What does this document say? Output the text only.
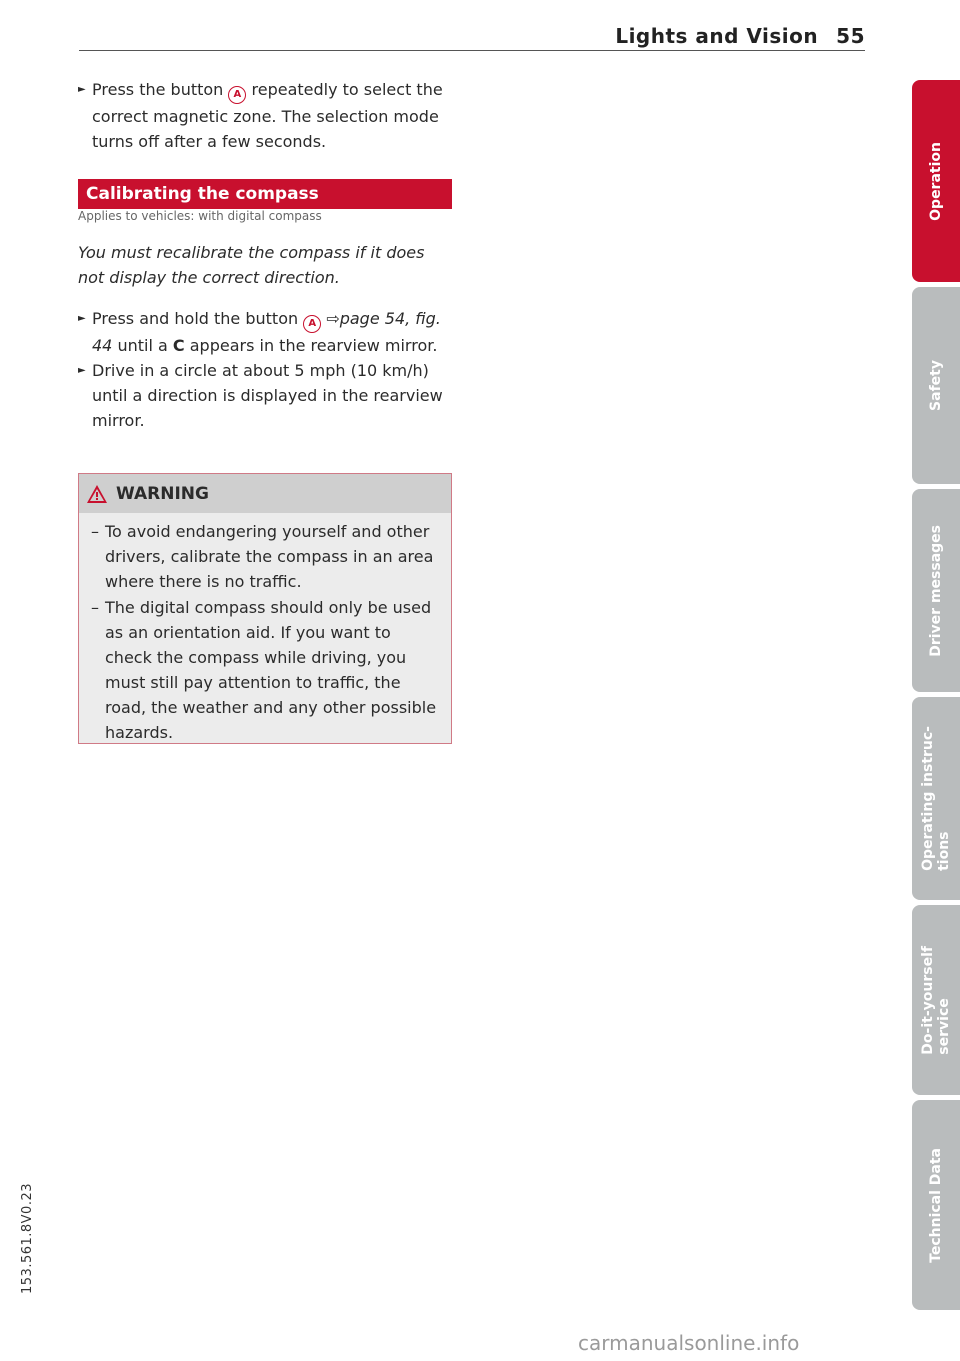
Lights and Vision 55
► Press the button A repeatedly to select the correct magnetic zone. The selection mode turns off after a few seconds.
Calibrating the compass
Applies to vehicles: with digital compass
You must recalibrate the compass if it does not display the correct direction.
► Press and hold the button A ⇨page 54, fig. 44 until a C appears in the rearview mirror.
► Drive in a circle at about 5 mph (10 km/h) until a direction is displayed in the rearview mirror.
WARNING
– To avoid endangering yourself and other drivers, calibrate the compass in an area where there is no traffic.
– The digital compass should only be used as an orientation aid. If you want to check the compass while driving, you must still pay attention to traffic, the road, the weather and any other possible hazards.
Operation
Safety
Driver messages
Operating instruc-
tions
Do-it-yourself
service
Technical Data
153.561.8V0.23
carmanualsonline.info
